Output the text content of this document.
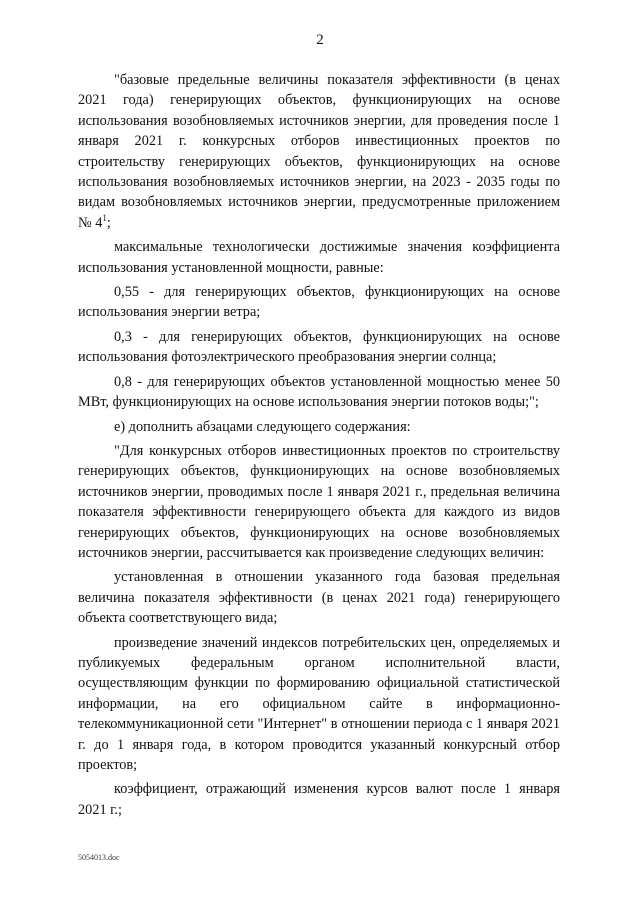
2

"базовые предельные величины показателя эффективности (в ценах 2021 года) генерирующих объектов, функционирующих на основе использования возобновляемых источников энергии, для проведения после 1 января 2021 г. конкурсных отборов инвестиционных проектов по строительству генерирующих объектов, функционирующих на основе использования возобновляемых источников энергии, на 2023 - 2035 годы по видам возобновляемых источников энергии, предусмотренные приложением № $4^1$;

максимальные технологически достижимые значения коэффициента использования установленной мощности, равные:

0,55 - для генерирующих объектов, функционирующих на основе использования энергии ветра;

0,3 - для генерирующих объектов, функционирующих на основе использования фотоэлектрического преобразования энергии солнца;

0,8 - для генерирующих объектов установленной мощностью менее 50 МВт, функционирующих на основе использования энергии потоков воды;";

е) дополнить абзацами следующего содержания:

"Для конкурсных отборов инвестиционных проектов по строительству генерирующих объектов, функционирующих на основе возобновляемых источников энергии, проводимых после 1 января 2021 г., предельная величина показателя эффективности генерирующего объекта для каждого из видов генерирующих объектов, функционирующих на основе возобновляемых источников энергии, рассчитывается как произведение следующих величин:

установленная в отношении указанного года базовая предельная величина показателя эффективности (в ценах 2021 года) генерирующего объекта соответствующего вида;

произведение значений индексов потребительских цен, определяемых и публикуемых федеральным органом исполнительной власти, осуществляющим функции по формированию официальной статистической информации, на его официальном сайте в информационно-телекоммуникационной сети "Интернет" в отношении периода с 1 января 2021 г. до 1 января года, в котором проводится указанный конкурсный отбор проектов;

коэффициент, отражающий изменения курсов валют после 1 января 2021 г.;

5054013.doc
